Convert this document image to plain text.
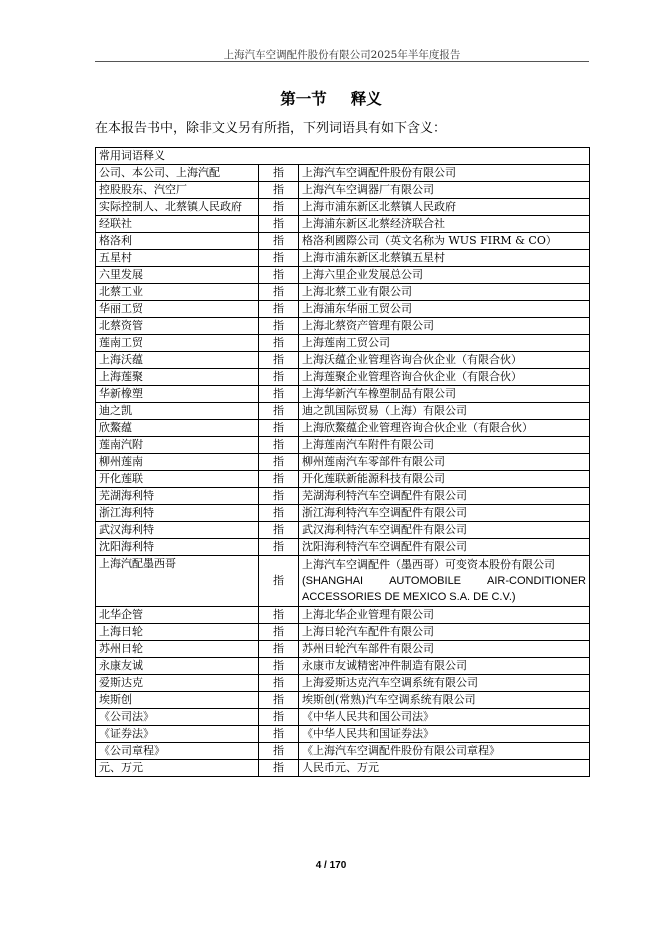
上海汽车空调配件股份有限公司2025年半年度报告
第一节 释义
在本报告书中，除非文义另有所指，下列词语具有如下含义：
常用词语释义		
公司、本公司、上海汽配	指	上海汽车空调配件股份有限公司
控股股东、汽空厂	指	上海汽车空调器厂有限公司
实际控制人、北蔡镇人民政府	指	上海市浦东新区北蔡镇人民政府
经联社	指	上海浦东新区北蔡经济联合社
格洛利	指	格洛利國際公司（英文名称为 WUS FIRM & CO）
五星村	指	上海市浦东新区北蔡镇五星村
六里发展	指	上海六里企业发展总公司
北蔡工业	指	上海北蔡工业有限公司
华丽工贸	指	上海浦东华丽工贸公司
北蔡资管	指	上海北蔡资产管理有限公司
莲南工贸	指	上海莲南工贸公司
上海沃蕴	指	上海沃蕴企业管理咨询合伙企业（有限合伙）
上海莲聚	指	上海莲聚企业管理咨询合伙企业（有限合伙）
华新橡塑	指	上海华新汽车橡塑制品有限公司
迪之凯	指	迪之凯国际贸易（上海）有限公司
欣鰲蕴	指	上海欣鰲蕴企业管理咨询合伙企业（有限合伙）
莲南汽附	指	上海莲南汽车附件有限公司
柳州莲南	指	柳州莲南汽车零部件有限公司
开化莲联	指	开化莲联新能源科技有限公司
芜湖海利特	指	芜湖海利特汽车空调配件有限公司
浙江海利特	指	浙江海利特汽车空调配件有限公司
武汉海利特	指	武汉海利特汽车空调配件有限公司
沈阳海利特	指	沈阳海利特汽车空调配件有限公司
上海汽配墨西哥	指	上海汽车空调配件（墨西哥）可变资本股份有限公司
(SHANGHAI AUTOMOBILE AIR-CONDITIONER ACCESSORIES DE MEXICO S.A. DE C.V.)

北华企管	指	上海北华企业管理有限公司
上海日轮	指	上海日轮汽车配件有限公司
苏州日轮	指	苏州日轮汽车部件有限公司
永康友诚	指	永康市友诚精密冲件制造有限公司
爱斯达克	指	上海爱斯达克汽车空调系统有限公司
埃斯创	指	埃斯创(常熟)汽车空调系统有限公司
《公司法》	指	《中华人民共和国公司法》
《证券法》	指	《中华人民共和国证券法》
《公司章程》	指	《上海汽车空调配件股份有限公司章程》
元、万元	指	人民币元、万元
4 / 170
